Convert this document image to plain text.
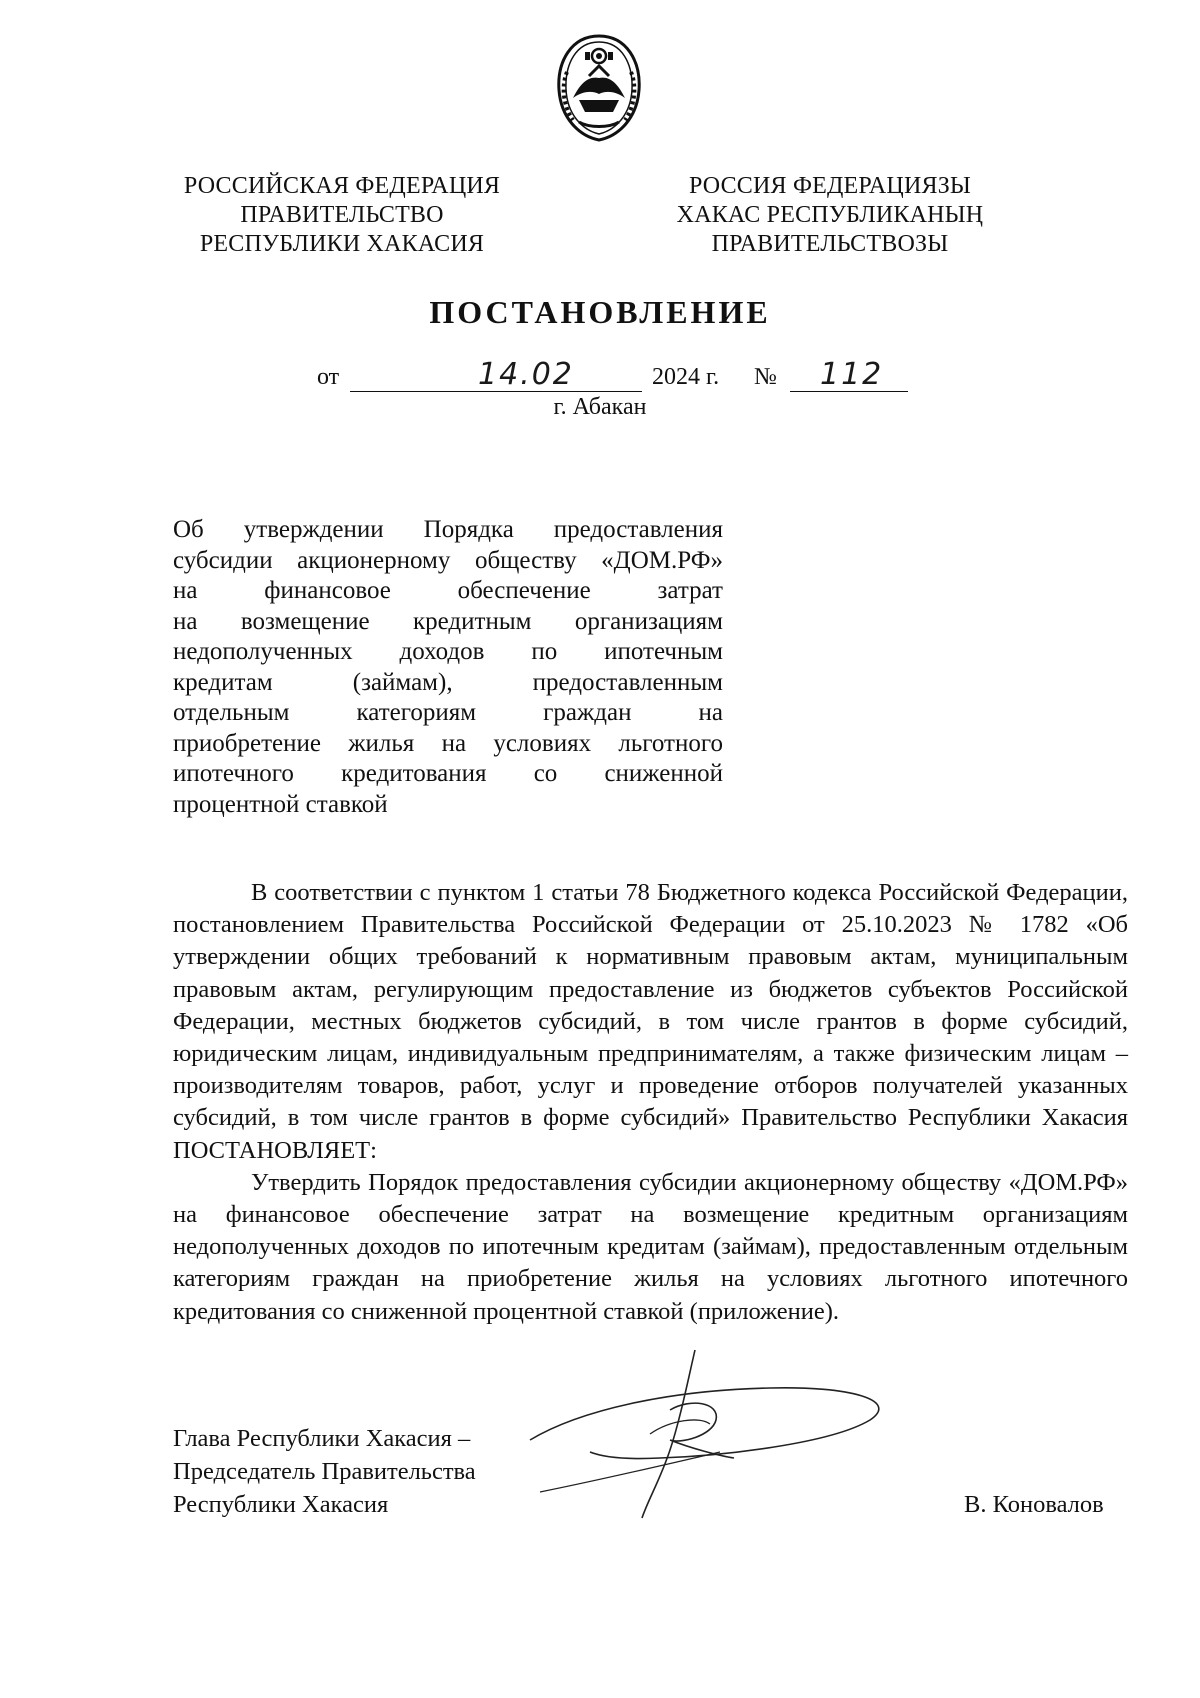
РОССИЙСКАЯ ФЕДЕРАЦИЯ
ПРАВИТЕЛЬСТВО
РЕСПУБЛИКИ ХАКАСИЯ
РОССИЯ ФЕДЕРАЦИЯЗЫ
ХАКАС РЕСПУБЛИКАНЫҢ
ПРАВИТЕЛЬСТВОЗЫ
ПОСТАНОВЛЕНИЕ
от	14.02	2024 г. № 112
г. Абакан
Об утверждении Порядка предоставления
субсидии акционерному обществу «ДОМ.РФ»
на финансовое обеспечение затрат
на возмещение кредитным организациям
недополученных доходов по ипотечным
кредитам (займам), предоставленным
отдельным категориям граждан на
приобретение жилья на условиях льготного
ипотечного кредитования со сниженной
процентной ставкой
В соответствии с пунктом 1 статьи 78 Бюджетного кодекса Российской Федерации, постановлением Правительства Российской Федерации от 25.10.2023 № 1782 «Об утверждении общих требований к нормативным правовым актам, муниципальным правовым актам, регулирующим предоставление из бюджетов субъектов Российской Федерации, местных бюджетов субсидий, в том числе грантов в форме субсидий, юридическим лицам, индивидуальным предпринимателям, а также физическим лицам – производителям товаров, работ, услуг и проведение отборов получателей указанных субсидий, в том числе грантов в форме субсидий» Правительство Республики Хакасия ПОСТАНОВЛЯЕТ:
Утвердить Порядок предоставления субсидии акционерному обществу «ДОМ.РФ» на финансовое обеспечение затрат на возмещение кредитным организациям недополученных доходов по ипотечным кредитам (займам), предоставленным отдельным категориям граждан на приобретение жилья на условиях льготного ипотечного кредитования со сниженной процентной ставкой (приложение).
Глава Республики Хакасия –
Председатель Правительства
Республики Хакасия	В. Коновалов
